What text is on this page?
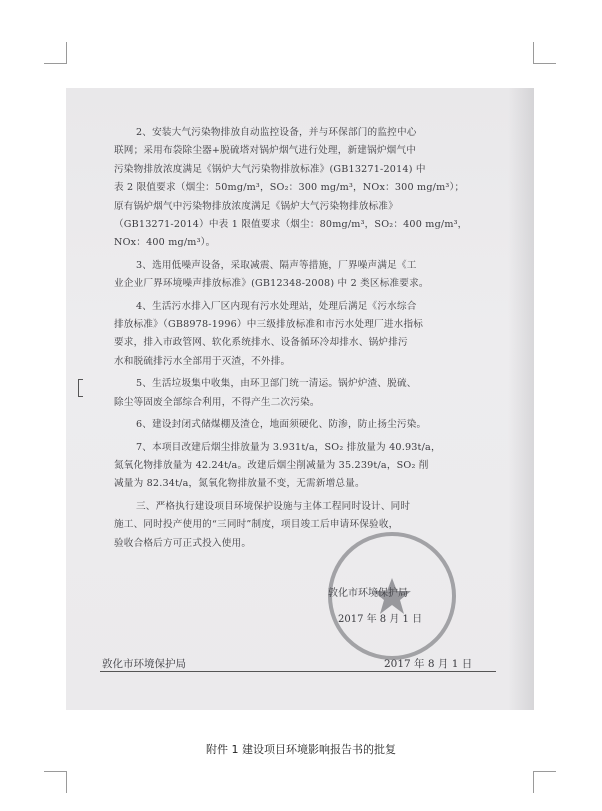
2、安装大气污染物排放自动监控设备，并与环保部门的监控中心
联网；采用布袋除尘器+脱硫塔对锅炉烟气进行处理，新建锅炉烟气中
污染物排放浓度满足《锅炉大气污染物排放标准》(GB13271-2014) 中
表 2 限值要求（烟尘：50mg/m³，SO₂：300 mg/m³，NOx：300 mg/m³）；
原有锅炉烟气中污染物排放浓度满足《锅炉大气污染物排放标准》
（GB13271-2014）中表 1 限值要求（烟尘：80mg/m³，SO₂：400 mg/m³，
NOx：400 mg/m³）。
3、选用低噪声设备，采取减震、隔声等措施，厂界噪声满足《工
业企业厂界环境噪声排放标准》(GB12348-2008) 中 2 类区标准要求。
4、生活污水排入厂区内现有污水处理站，处理后满足《污水综合
排放标准》（GB8978-1996）中三级排放标准和市污水处理厂进水指标
要求，排入市政管网、软化系统排水、设备循环冷却排水、锅炉排污
水和脱硫排污水全部用于灭渣，不外排。
5、生活垃圾集中收集，由环卫部门统一清运。锅炉炉渣、脱硫、
除尘等固废全部综合利用，不得产生二次污染。
6、建设封闭式储煤棚及渣仓，地面须硬化、防渗，防止扬尘污染。
7、本项目改建后烟尘排放量为 3.931t/a，SO₂ 排放量为 40.93t/a，
氮氧化物排放量为 42.24t/a。改建后烟尘削减量为 35.239t/a，SO₂ 削
减量为 82.34t/a，氮氧化物排放量不变，无需新增总量。
三、严格执行建设项目环境保护设施与主体工程同时设计、同时
施工、同时投产使用的“三同时”制度，项目竣工后申请环保验收，
验收合格后方可正式投入使用。
敦化市环境保护局
2017 年 8 月 1 日
敦化市环境保护局	2017 年 8 月 1 日
附件 1 建设项目环境影响报告书的批复
